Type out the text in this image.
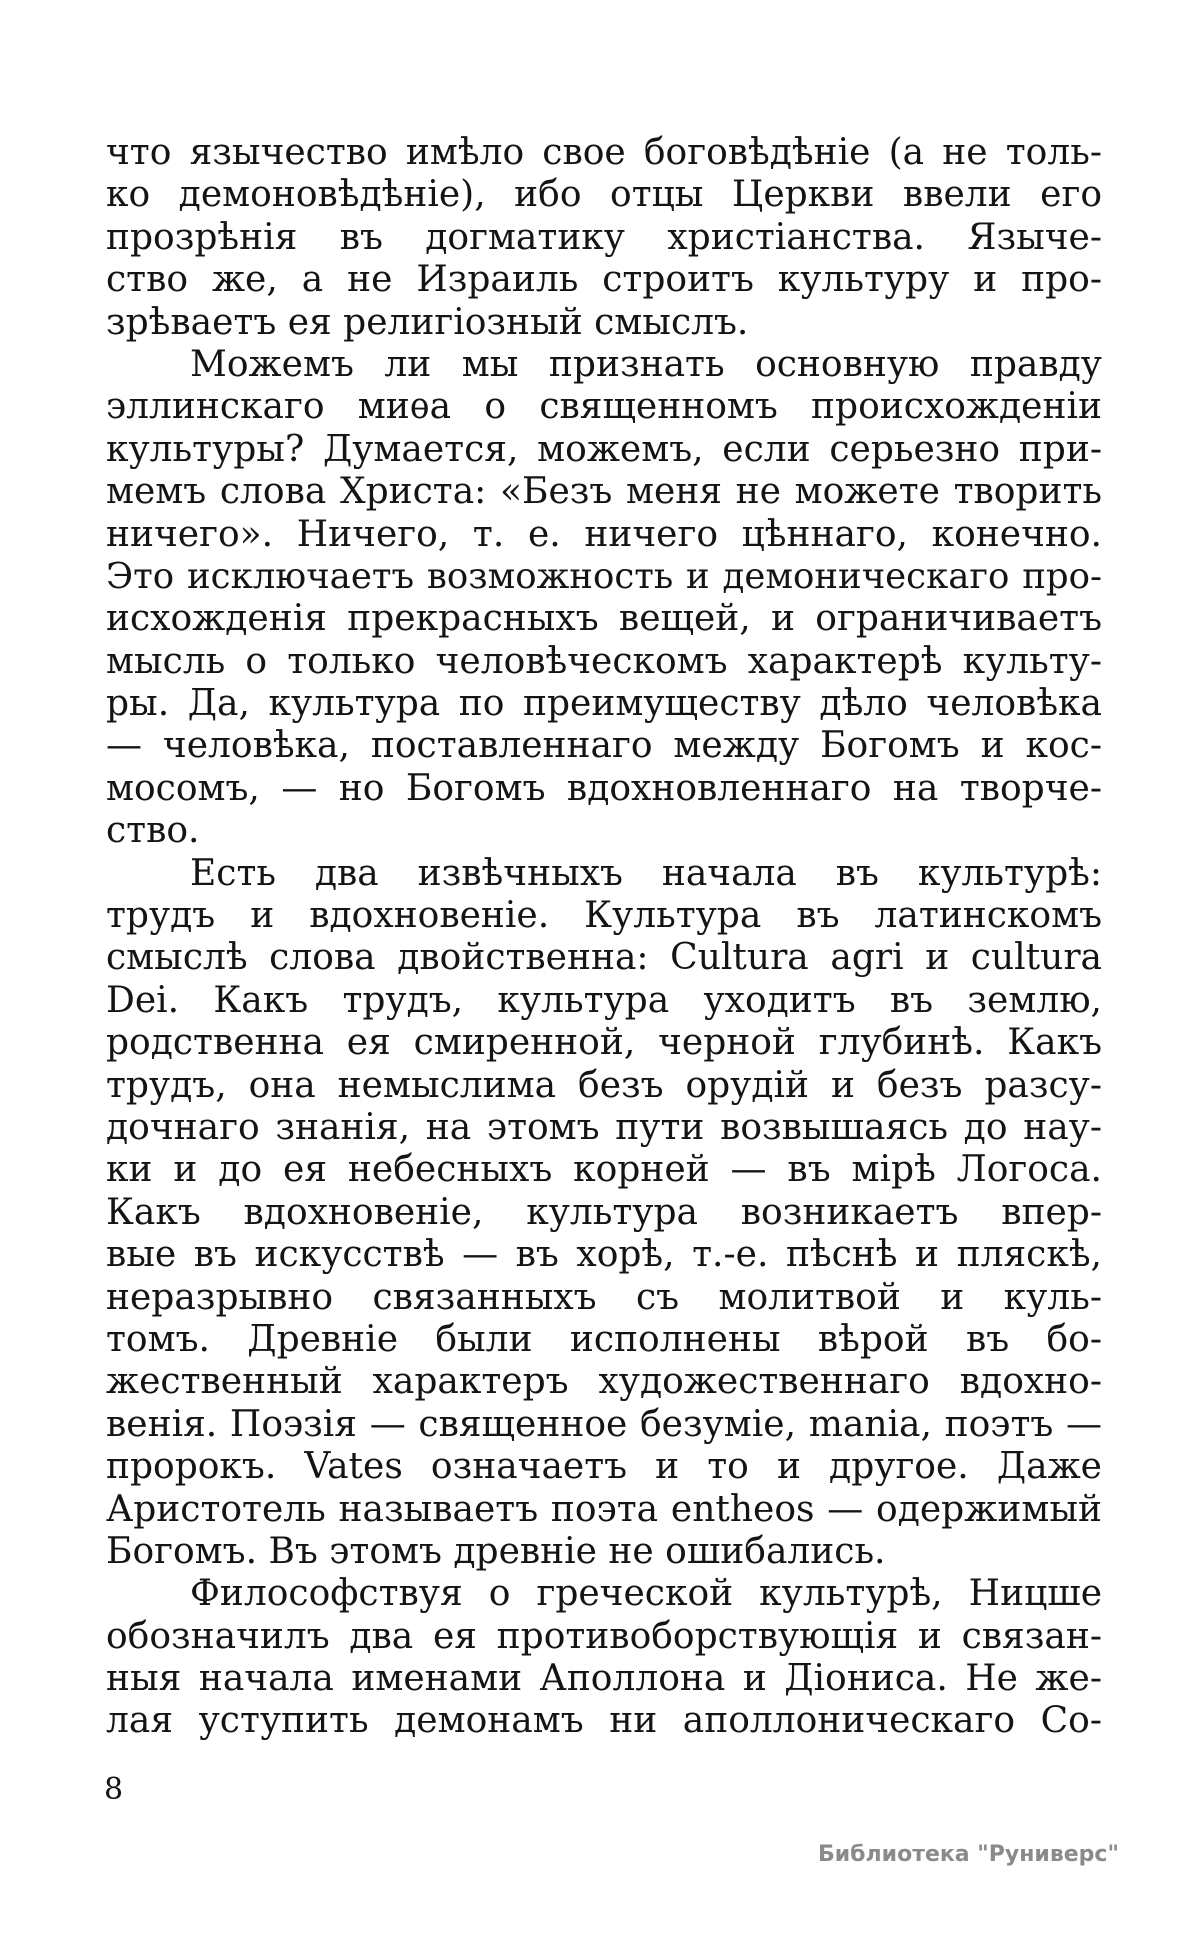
что язычество имѣло свое боговѣдѣніе (а не толь-
ко демоновѣдѣніе), ибо отцы Церкви ввели его
прозрѣнія въ догматику христіанства. Языче-
ство же, а не Израиль строитъ культуру и про-
зрѣваетъ ея религіозный смыслъ.
Можемъ ли мы признать основную правду
эллинскаго миѳа о священномъ происхожденіи
культуры? Думается, можемъ, если серьезно при-
мемъ слова Христа: «Безъ меня не можете творить
ничего». Ничего, т. е. ничего цѣннаго, конечно.
Это исключаетъ возможность и демоническаго про-
исхожденія прекрасныхъ вещей, и ограничиваетъ
мысль о только человѣческомъ характерѣ культу-
ры. Да, культура по преимуществу дѣло человѣка
— человѣка, поставленнаго между Богомъ и кос-
мосомъ, — но Богомъ вдохновленнаго на творче-
ство.
Есть два извѣчныхъ начала въ культурѣ:
трудъ и вдохновеніе. Культура въ латинскомъ
смыслѣ слова двойственна: Cultura agri и cultura
Dei. Какъ трудъ, культура уходитъ въ землю,
родственна ея смиренной, черной глубинѣ. Какъ
трудъ, она немыслима безъ орудій и безъ разсу-
дочнаго знанія, на этомъ пути возвышаясь до нау-
ки и до ея небесныхъ корней — въ мірѣ Логоса.
Какъ вдохновеніе, культура возникаетъ впер-
вые въ искусствѣ — въ хорѣ, т.-е. пѣснѣ и пляскѣ,
неразрывно связанныхъ съ молитвой и куль-
томъ. Древніе были исполнены вѣрой въ бо-
жественный характеръ художественнаго вдохно-
венія. Поэзія — священное безуміе, mania, поэтъ —
пророкъ. Vates означаетъ и то и другое. Даже
Аристотель называетъ поэта entheos — одержимый
Богомъ. Въ этомъ древніе не ошибались.
Философствуя о греческой культурѣ, Ницше
обозначилъ два ея противоборствующія и связан-
ныя начала именами Аполлона и Діониса. Не же-
лая уступить демонамъ ни аполлоническаго Со-
8
Библиотека "Руниверс"
